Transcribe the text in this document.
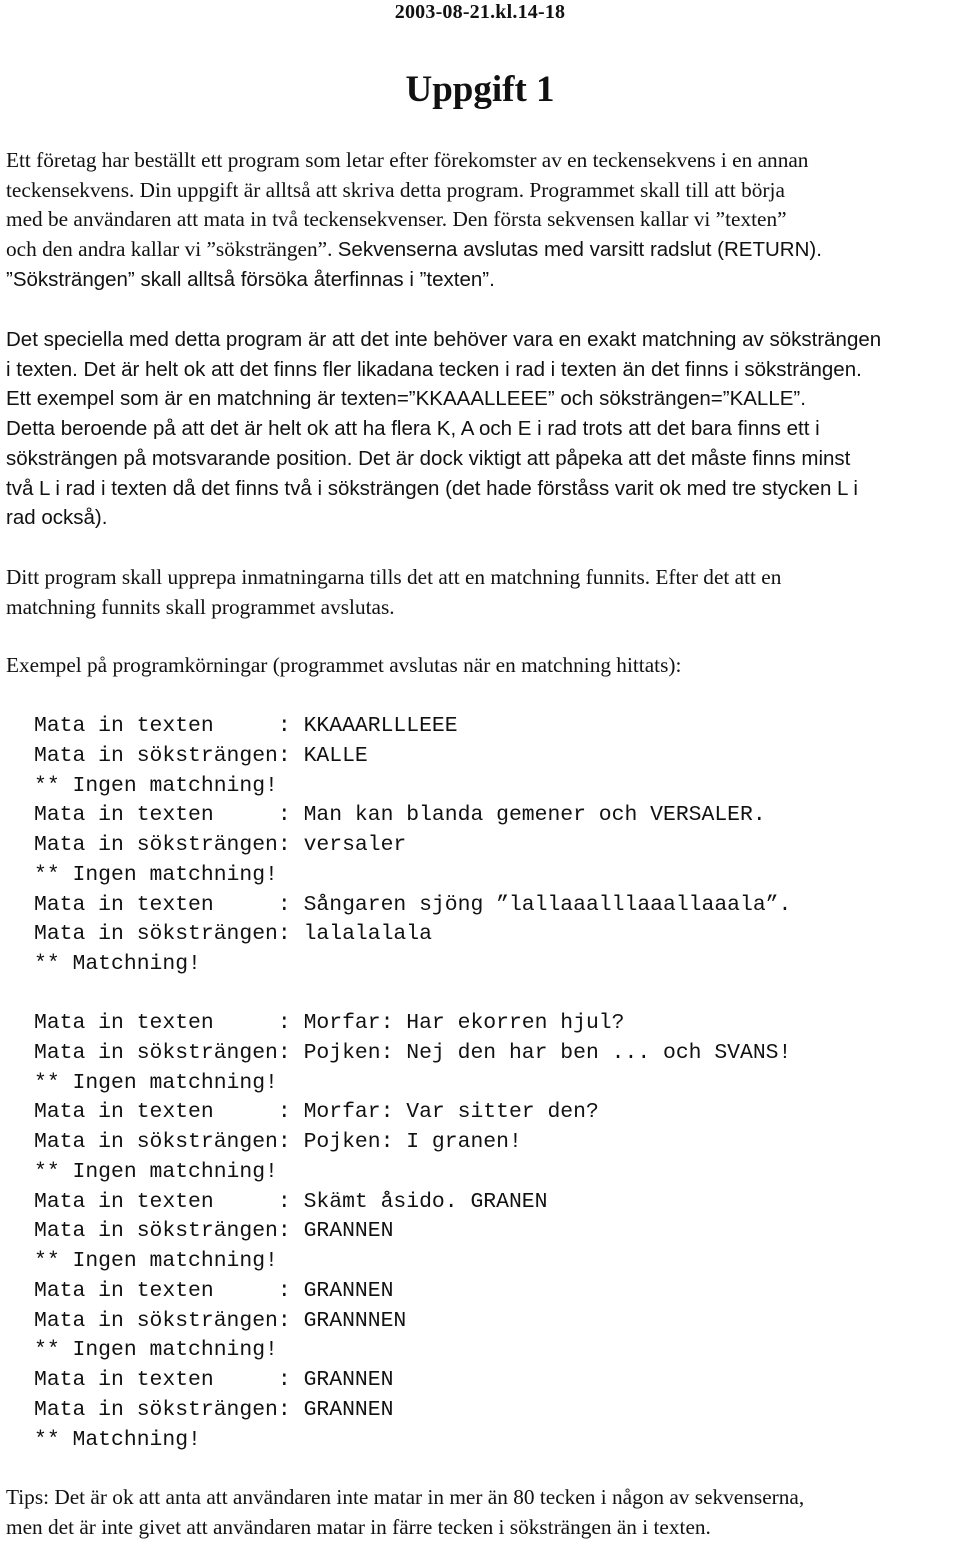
2003-08-21.kl.14-18
Uppgift 1
Ett företag har beställt ett program som letar efter förekomster av en teckensekvens i en annan
teckensekvens. Din uppgift är alltså att skriva detta program. Programmet skall till att börja
med be användaren att mata in två teckensekvenser. Den första sekvensen kallar vi ”texten”
och den andra kallar vi ”söksträngen”. Sekvenserna avslutas med varsitt radslut (RETURN).
”Söksträngen” skall alltså försöka återfinnas i ”texten”.
Det speciella med detta program är att det inte behöver vara en exakt matchning av söksträngen
i texten. Det är helt ok att det finns fler likadana tecken i rad i texten än det finns i söksträngen.
Ett exempel som är en matchning är texten=”KKAAALLEEE” och söksträngen=”KALLE”.
Detta beroende på att det är helt ok att ha flera K, A och E i rad trots att det bara finns ett i
söksträngen på motsvarande position. Det är dock viktigt att påpeka att det måste finns minst
två L i rad i texten då det finns två i söksträngen (det hade förståss varit ok med tre stycken L i
rad också).
Ditt program skall upprepa inmatningarna tills det att en matchning funnits. Efter det att en
matchning funnits skall programmet avslutas.
Exempel på programkörningar (programmet avslutas när en matchning hittats):
Mata in texten     : KKAAARLLLEEE
Mata in söksträngen: KALLE
** Ingen matchning!
Mata in texten     : Man kan blanda gemener och VERSALER.
Mata in söksträngen: versaler
** Ingen matchning!
Mata in texten     : Sångaren sjöng ”lallaaalllaaallaaala”.
Mata in söksträngen: lalalalala
** Matchning!
Mata in texten     : Morfar: Har ekorren hjul?
Mata in söksträngen: Pojken: Nej den har ben ... och SVANS!
** Ingen matchning!
Mata in texten     : Morfar: Var sitter den?
Mata in söksträngen: Pojken: I granen!
** Ingen matchning!
Mata in texten     : Skämt åsido. GRANEN
Mata in söksträngen: GRANNEN
** Ingen matchning!
Mata in texten     : GRANNEN
Mata in söksträngen: GRANNNEN
** Ingen matchning!
Mata in texten     : GRANNEN
Mata in söksträngen: GRANNEN
** Matchning!
Tips: Det är ok att anta att användaren inte matar in mer än 80 tecken i någon av sekvenserna,
men det är inte givet att användaren matar in färre tecken i söksträngen än i texten.
